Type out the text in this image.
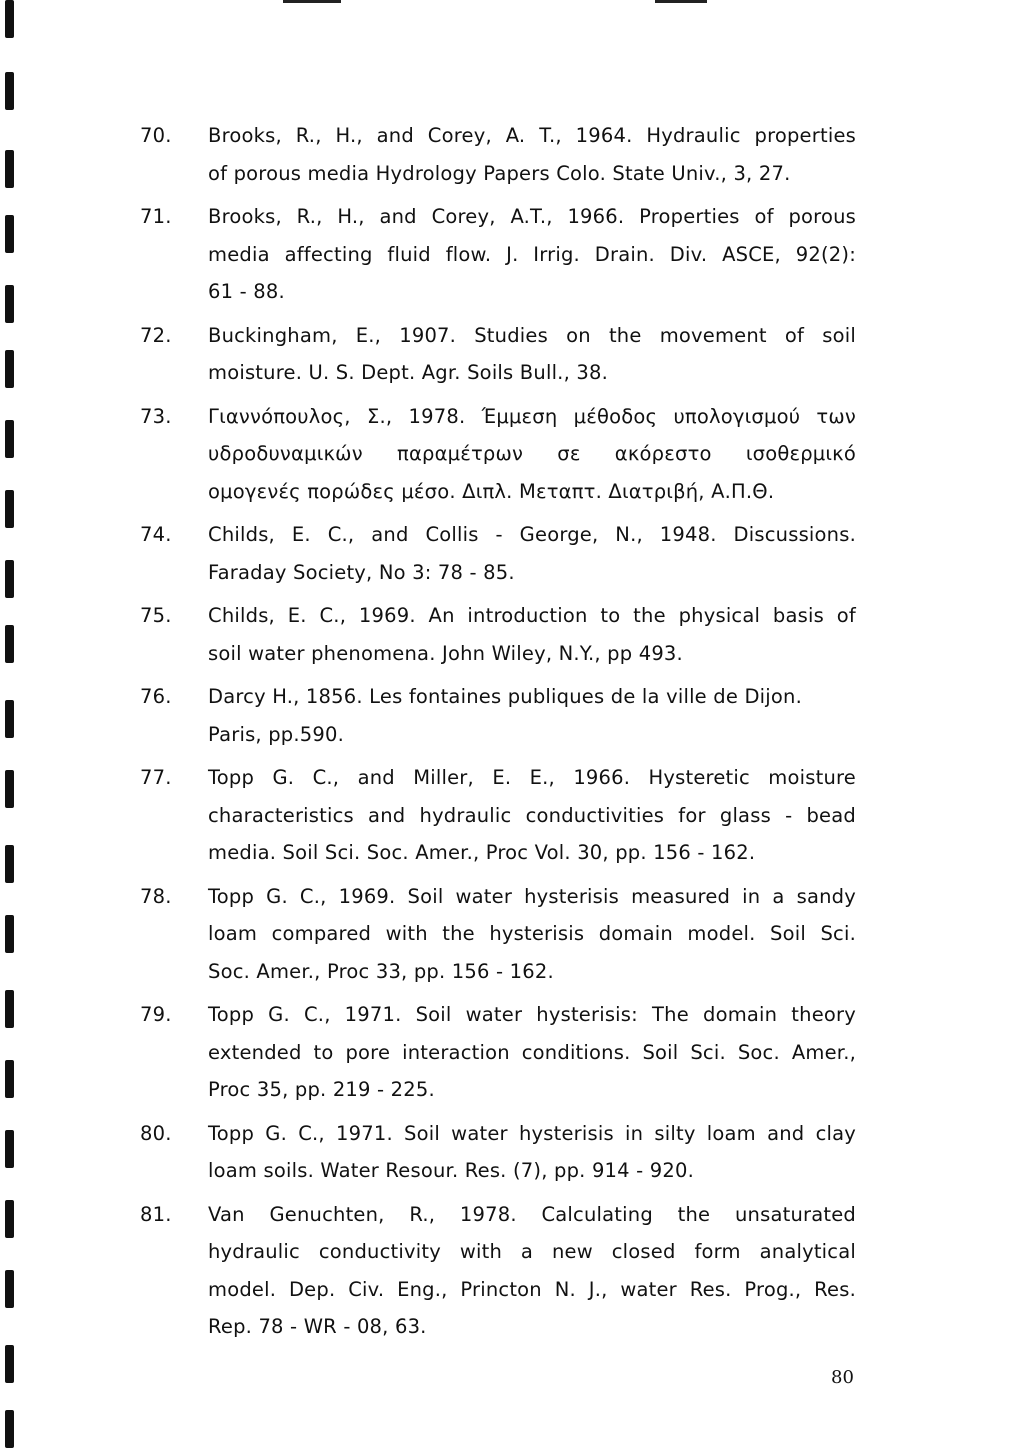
70. Brooks, R., H., and Corey, A. T., 1964. Hydraulic properties
of porous media Hydrology Papers Colo. State Univ., 3, 27.
71. Brooks, R., H., and Corey, A.T., 1966. Properties of porous
media affecting fluid flow. J. Irrig. Drain. Div. ASCE, 92(2):
61 - 88.
72. Buckingham, E., 1907. Studies on the movement of soil
moisture. U. S. Dept. Agr. Soils Bull., 38.
73. Γιαννόπουλος, Σ., 1978. Έμμεση μέθοδος υπολογισμού των
υδροδυναμικών παραμέτρων σε ακόρεστο ισοθερμικό
ομογενές πορώδες μέσο. Διπλ. Μεταπτ. Διατριβή, Α.Π.Θ.
74. Childs, E. C., and Collis - George, N., 1948. Discussions.
Faraday Society, No 3: 78 - 85.
75. Childs, E. C., 1969. An introduction to the physical basis of
soil water phenomena. John Wiley, N.Y., pp 493.
76. Darcy H., 1856. Les fontaines publiques de la ville de Dijon.
Paris, pp.590.
77. Topp G. C., and Miller, E. E., 1966. Hysteretic moisture
characteristics and hydraulic conductivities for glass - bead
media. Soil Sci. Soc. Amer., Proc Vol. 30, pp. 156 - 162.
78. Topp G. C., 1969. Soil water hysterisis measured in a sandy
loam compared with the hysterisis domain model. Soil Sci.
Soc. Amer., Proc 33, pp. 156 - 162.
79. Topp G. C., 1971. Soil water hysterisis: The domain theory
extended to pore interaction conditions. Soil Sci. Soc. Amer.,
Proc 35, pp. 219 - 225.
80. Topp G. C., 1971. Soil water hysterisis in silty loam and clay
loam soils. Water Resour. Res. (7), pp. 914 - 920.
81. Van Genuchten, R., 1978. Calculating the unsaturated
hydraulic conductivity with a new closed form analytical
model. Dep. Civ. Eng., Princton N. J., water Res. Prog., Res.
Rep. 78 - WR - 08, 63.
80
